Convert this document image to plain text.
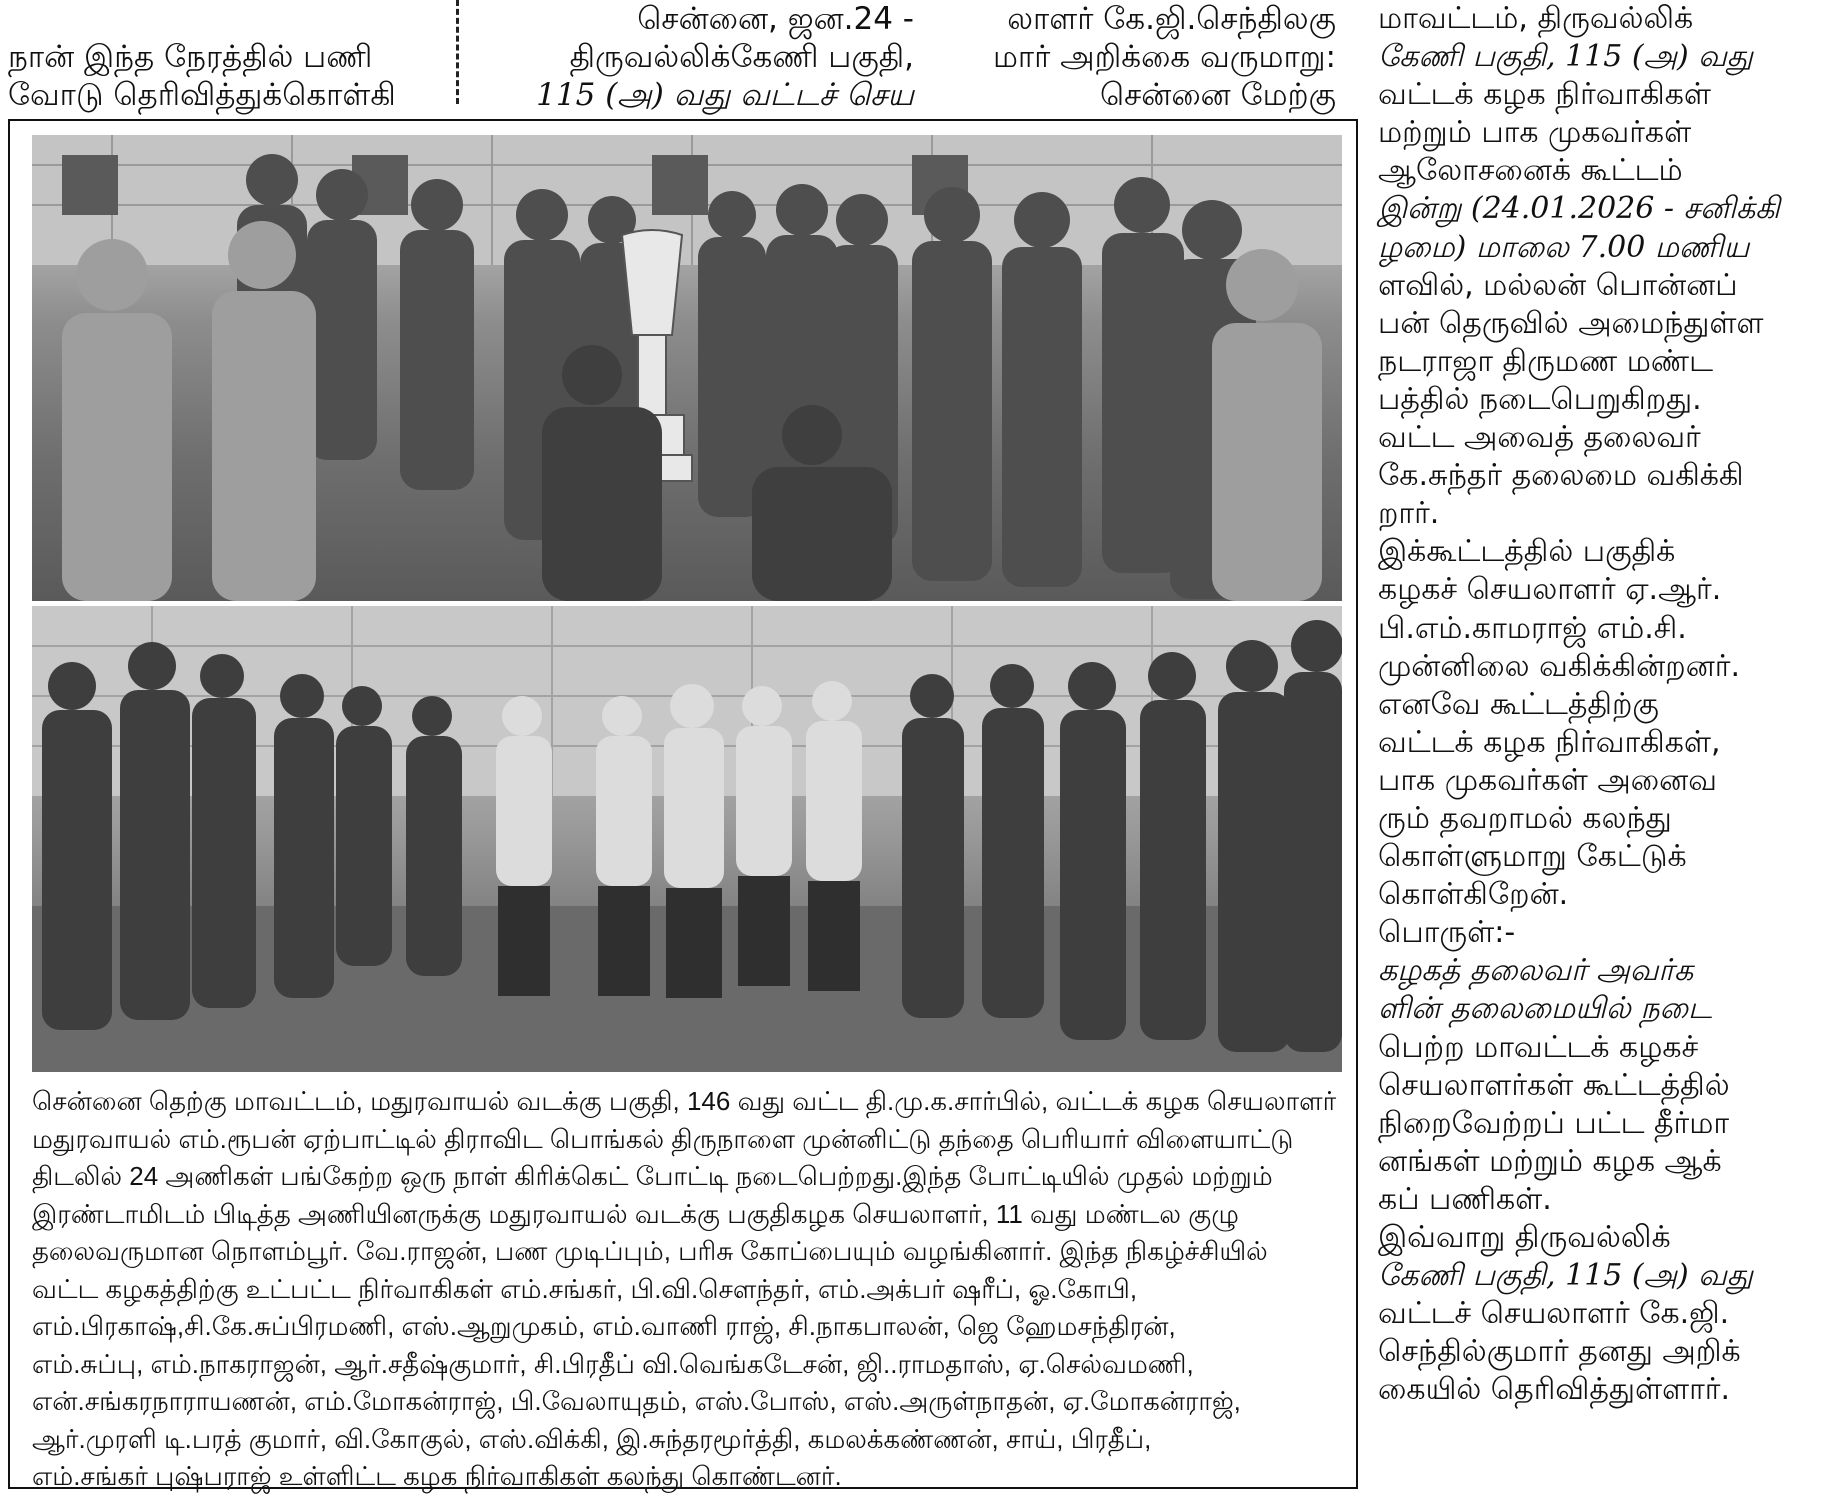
நான் இந்த நேரத்தில் பணி
வோடு தெரிவித்துக்கொள்கி
சென்னை, ஜன.24 -
திருவல்லிக்கேணி பகுதி,
115 (அ) வது வட்டச் செய
லாளர் கே.ஜி.செந்திலகு
மார் அறிக்கை வருமாறு:
சென்னை மேற்கு
மாவட்டம், திருவல்லிக்
கேணி பகுதி, 115 (அ) வது
வட்டக் கழக நிர்வாகிகள்
மற்றும் பாக முகவர்கள்
ஆலோசனைக் கூட்டம்
இன்று (24.01.2026 - சனிக்கி
ழமை) மாலை 7.00 மணிய
ளவில், மல்லன் பொன்னப்
பன் தெருவில் அமைந்துள்ள
நடராஜா திருமண மண்ட
பத்தில் நடைபெறுகிறது.
வட்ட அவைத் தலைவர்
கே.சுந்தர் தலைமை வகிக்கி
றார்.
இக்கூட்டத்தில் பகுதிக்
கழகச் செயலாளர் ஏ.ஆர்.
பி.எம்.காமராஜ் எம்.சி.
முன்னிலை வகிக்கின்றனர்.
எனவே கூட்டத்திற்கு
வட்டக் கழக நிர்வாகிகள்,
பாக முகவர்கள் அனைவ
ரும் தவறாமல் கலந்து
கொள்ளுமாறு கேட்டுக்
கொள்கிறேன்.
பொருள்:-
கழகத் தலைவர் அவர்க
ளின் தலைமையில் நடை
பெற்ற மாவட்டக் கழகச்
செயலாளர்கள் கூட்டத்தில்
நிறைவேற்றப் பட்ட தீர்மா
னங்கள் மற்றும் கழக ஆக்
கப் பணிகள்.
இவ்வாறு திருவல்லிக்
கேணி பகுதி, 115 (அ) வது
வட்டச் செயலாளர் கே.ஜி.
செந்தில்குமார் தனது அறிக்
கையில் தெரிவித்துள்ளார்.
சென்னை தெற்கு மாவட்டம், மதுரவாயல் வடக்கு பகுதி, 146 வது வட்ட தி.மு.க.சார்பில், வட்டக் கழக செயலாளர்
மதுரவாயல் எம்.ரூபன் ஏற்பாட்டில் திராவிட பொங்கல் திருநாளை முன்னிட்டு தந்தை பெரியார் விளையாட்டு
திடலில் 24 அணிகள் பங்கேற்ற ஒரு நாள் கிரிக்கெட் போட்டி நடைபெற்றது.இந்த போட்டியில் முதல் மற்றும்
இரண்டாமிடம் பிடித்த அணியினருக்கு மதுரவாயல் வடக்கு பகுதிகழக செயலாளர், 11 வது மண்டல குழு
தலைவருமான நொளம்பூர். வே.ராஜன், பண முடிப்பும், பரிசு கோப்பையும் வழங்கினார். இந்த நிகழ்ச்சியில்
வட்ட கழகத்திற்கு உட்பட்ட நிர்வாகிகள் எம்.சங்கர், பி.வி.சௌந்தர், எம்.அக்பர் ஷரீப், ஓ.கோபி,
எம்.பிரகாஷ்,சி.கே.சுப்பிரமணி, எஸ்.ஆறுமுகம், எம்.வாணி ராஜ், சி.நாகபாலன், ஜெ ஹேமசந்திரன்,
எம்.சுப்பு, எம்.நாகராஜன், ஆர்.சதீஷ்குமார், சி.பிரதீப் வி.வெங்கடேசன், ஜி..ராமதாஸ், ஏ.செல்வமணி,
என்.சங்கரநாராயணன், எம்.மோகன்ராஜ், பி.வேலாயுதம், எஸ்.போஸ், எஸ்.அருள்நாதன், ஏ.மோகன்ராஜ்,
ஆர்.முரளி டி.பரத் குமார், வி.கோகுல், எஸ்.விக்கி, இ.சுந்தரமூர்த்தி, கமலக்கண்ணன், சாய், பிரதீப்,
எம்.சங்கர் புஷ்பராஜ் உள்ளிட்ட கழக நிர்வாகிகள் கலந்து கொண்டனர்.
